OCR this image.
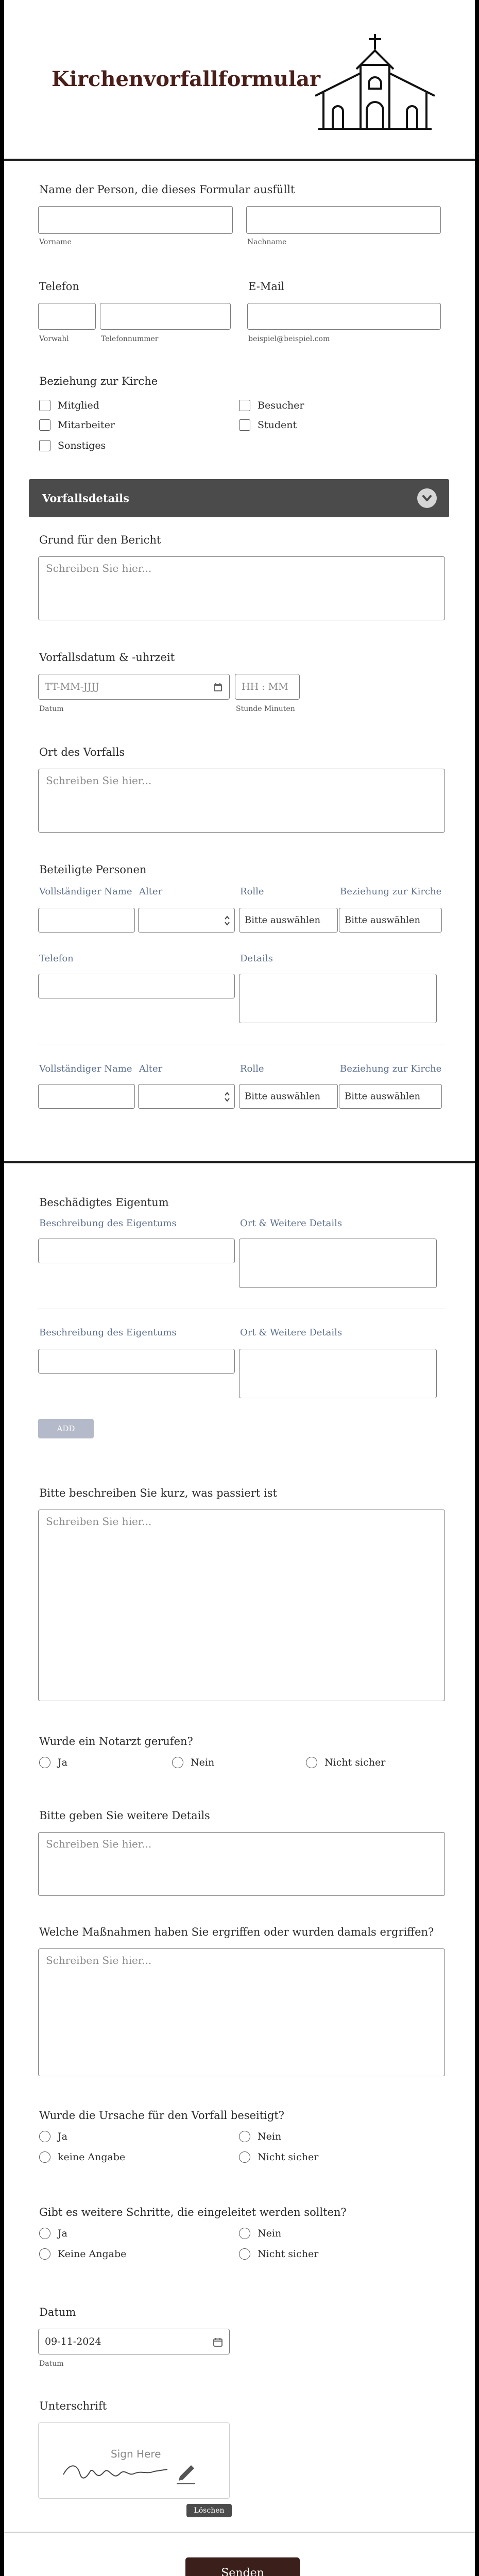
Kirchenvorfallformular
Name der Person, die dieses Formular ausfüllt
Vorname	Nachname
Telefon	E-Mail
Vorwahl	Telefonnummer	beispiel@beispiel.com
Beziehung zur Kirche
Mitglied	Besucher
Mitarbeiter	Student
Sonstiges
Vorfallsdetails
Grund für den Bericht
Schreiben Sie hier...
Vorfallsdatum & -uhrzeit
TT-MM-JJJJ	HH : MM
Datum	Stunde Minuten
Ort des Vorfalls
Schreiben Sie hier...
Beteiligte Personen
Vollständiger Name Alter	Rolle	Beziehung zur Kirche
Bitte auswählen	Bitte auswählen
Telefon	Details
Vollständiger Name Alter	Rolle	Beziehung zur Kirche
Bitte auswählen	Bitte auswählen
Beschädigtes Eigentum
Beschreibung des Eigentums	Ort & Weitere Details
Beschreibung des Eigentums	Ort & Weitere Details
ADD
Bitte beschreiben Sie kurz, was passiert ist
Schreiben Sie hier...
Wurde ein Notarzt gerufen?
Ja	Nein	Nicht sicher
Bitte geben Sie weitere Details
Schreiben Sie hier...
Welche Maßnahmen haben Sie ergriffen oder wurden damals ergriffen?
Schreiben Sie hier...
Wurde die Ursache für den Vorfall beseitigt?
Ja	Nein
keine Angabe	Nicht sicher
Gibt es weitere Schritte, die eingeleitet werden sollten?
Ja	Nein
Keine Angabe	Nicht sicher
Datum
09-11-2024
Datum
Unterschrift
Sign Here
Löschen
Senden
